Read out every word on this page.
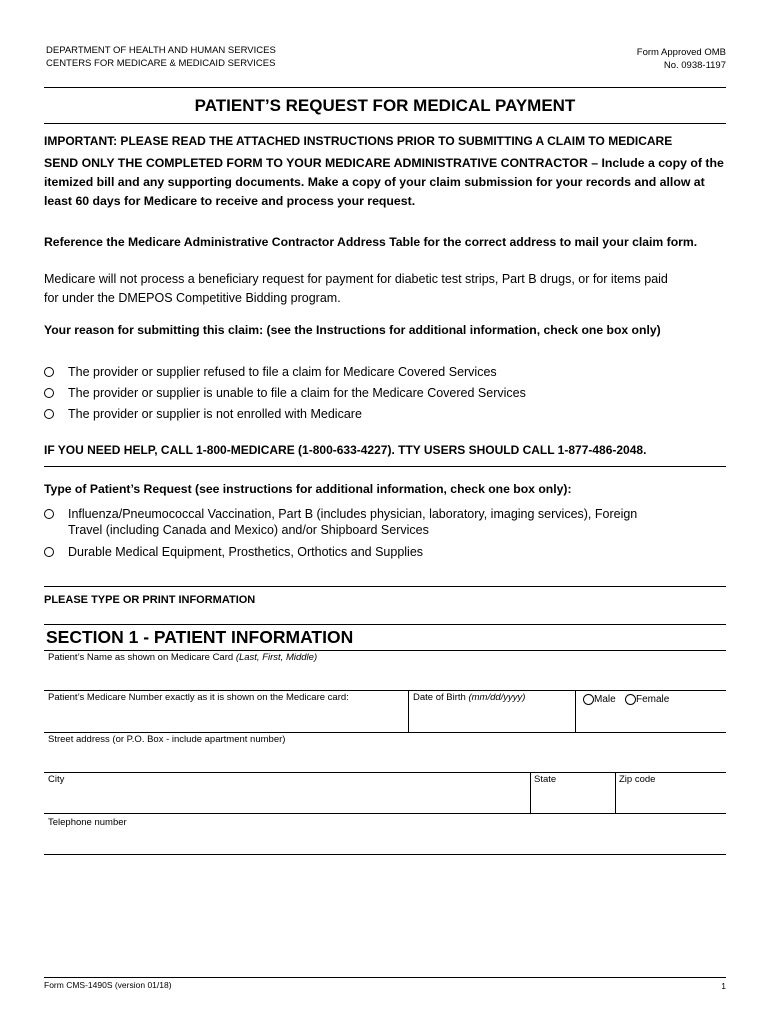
DEPARTMENT OF HEALTH AND HUMAN SERVICES
CENTERS FOR MEDICARE & MEDICAID SERVICES
Form Approved OMB
No. 0938-1197
PATIENT’S REQUEST FOR MEDICAL PAYMENT
IMPORTANT: PLEASE READ THE ATTACHED INSTRUCTIONS PRIOR TO SUBMITTING A CLAIM TO MEDICARE
SEND ONLY THE COMPLETED FORM TO YOUR MEDICARE ADMINISTRATIVE CONTRACTOR – Include a copy of the
itemized bill and any supporting documents. Make a copy of your claim submission for your records and allow at
least 60 days for Medicare to receive and process your request.
Reference the Medicare Administrative Contractor Address Table for the correct address to mail your claim form.
Medicare will not process a beneficiary request for payment for diabetic test strips, Part B drugs, or for items paid
for under the DMEPOS Competitive Bidding program.
Your reason for submitting this claim: (see the Instructions for additional information, check one box only)
The provider or supplier refused to file a claim for Medicare Covered Services
The provider or supplier is unable to file a claim for the Medicare Covered Services
The provider or supplier is not enrolled with Medicare
IF YOU NEED HELP, CALL 1-800-MEDICARE (1-800-633-4227). TTY USERS SHOULD CALL 1-877-486-2048.
Type of Patient’s Request (see instructions for additional information, check one box only):
Influenza/Pneumococcal Vaccination, Part B (includes physician, laboratory, imaging services), Foreign
Travel (including Canada and Mexico) and/or Shipboard Services
Durable Medical Equipment, Prosthetics, Orthotics and Supplies
PLEASE TYPE OR PRINT INFORMATION
SECTION 1 - PATIENT INFORMATION
Patient’s Name as shown on Medicare Card (Last, First, Middle)
Patient’s Medicare Number exactly as it is shown on the Medicare card:	Date of Birth (mm/dd/yyyy)	Male	Female
Street address (or P.O. Box - include apartment number)
City	State	Zip code
Telephone number
Form CMS-1490S (version 01/18)	1
